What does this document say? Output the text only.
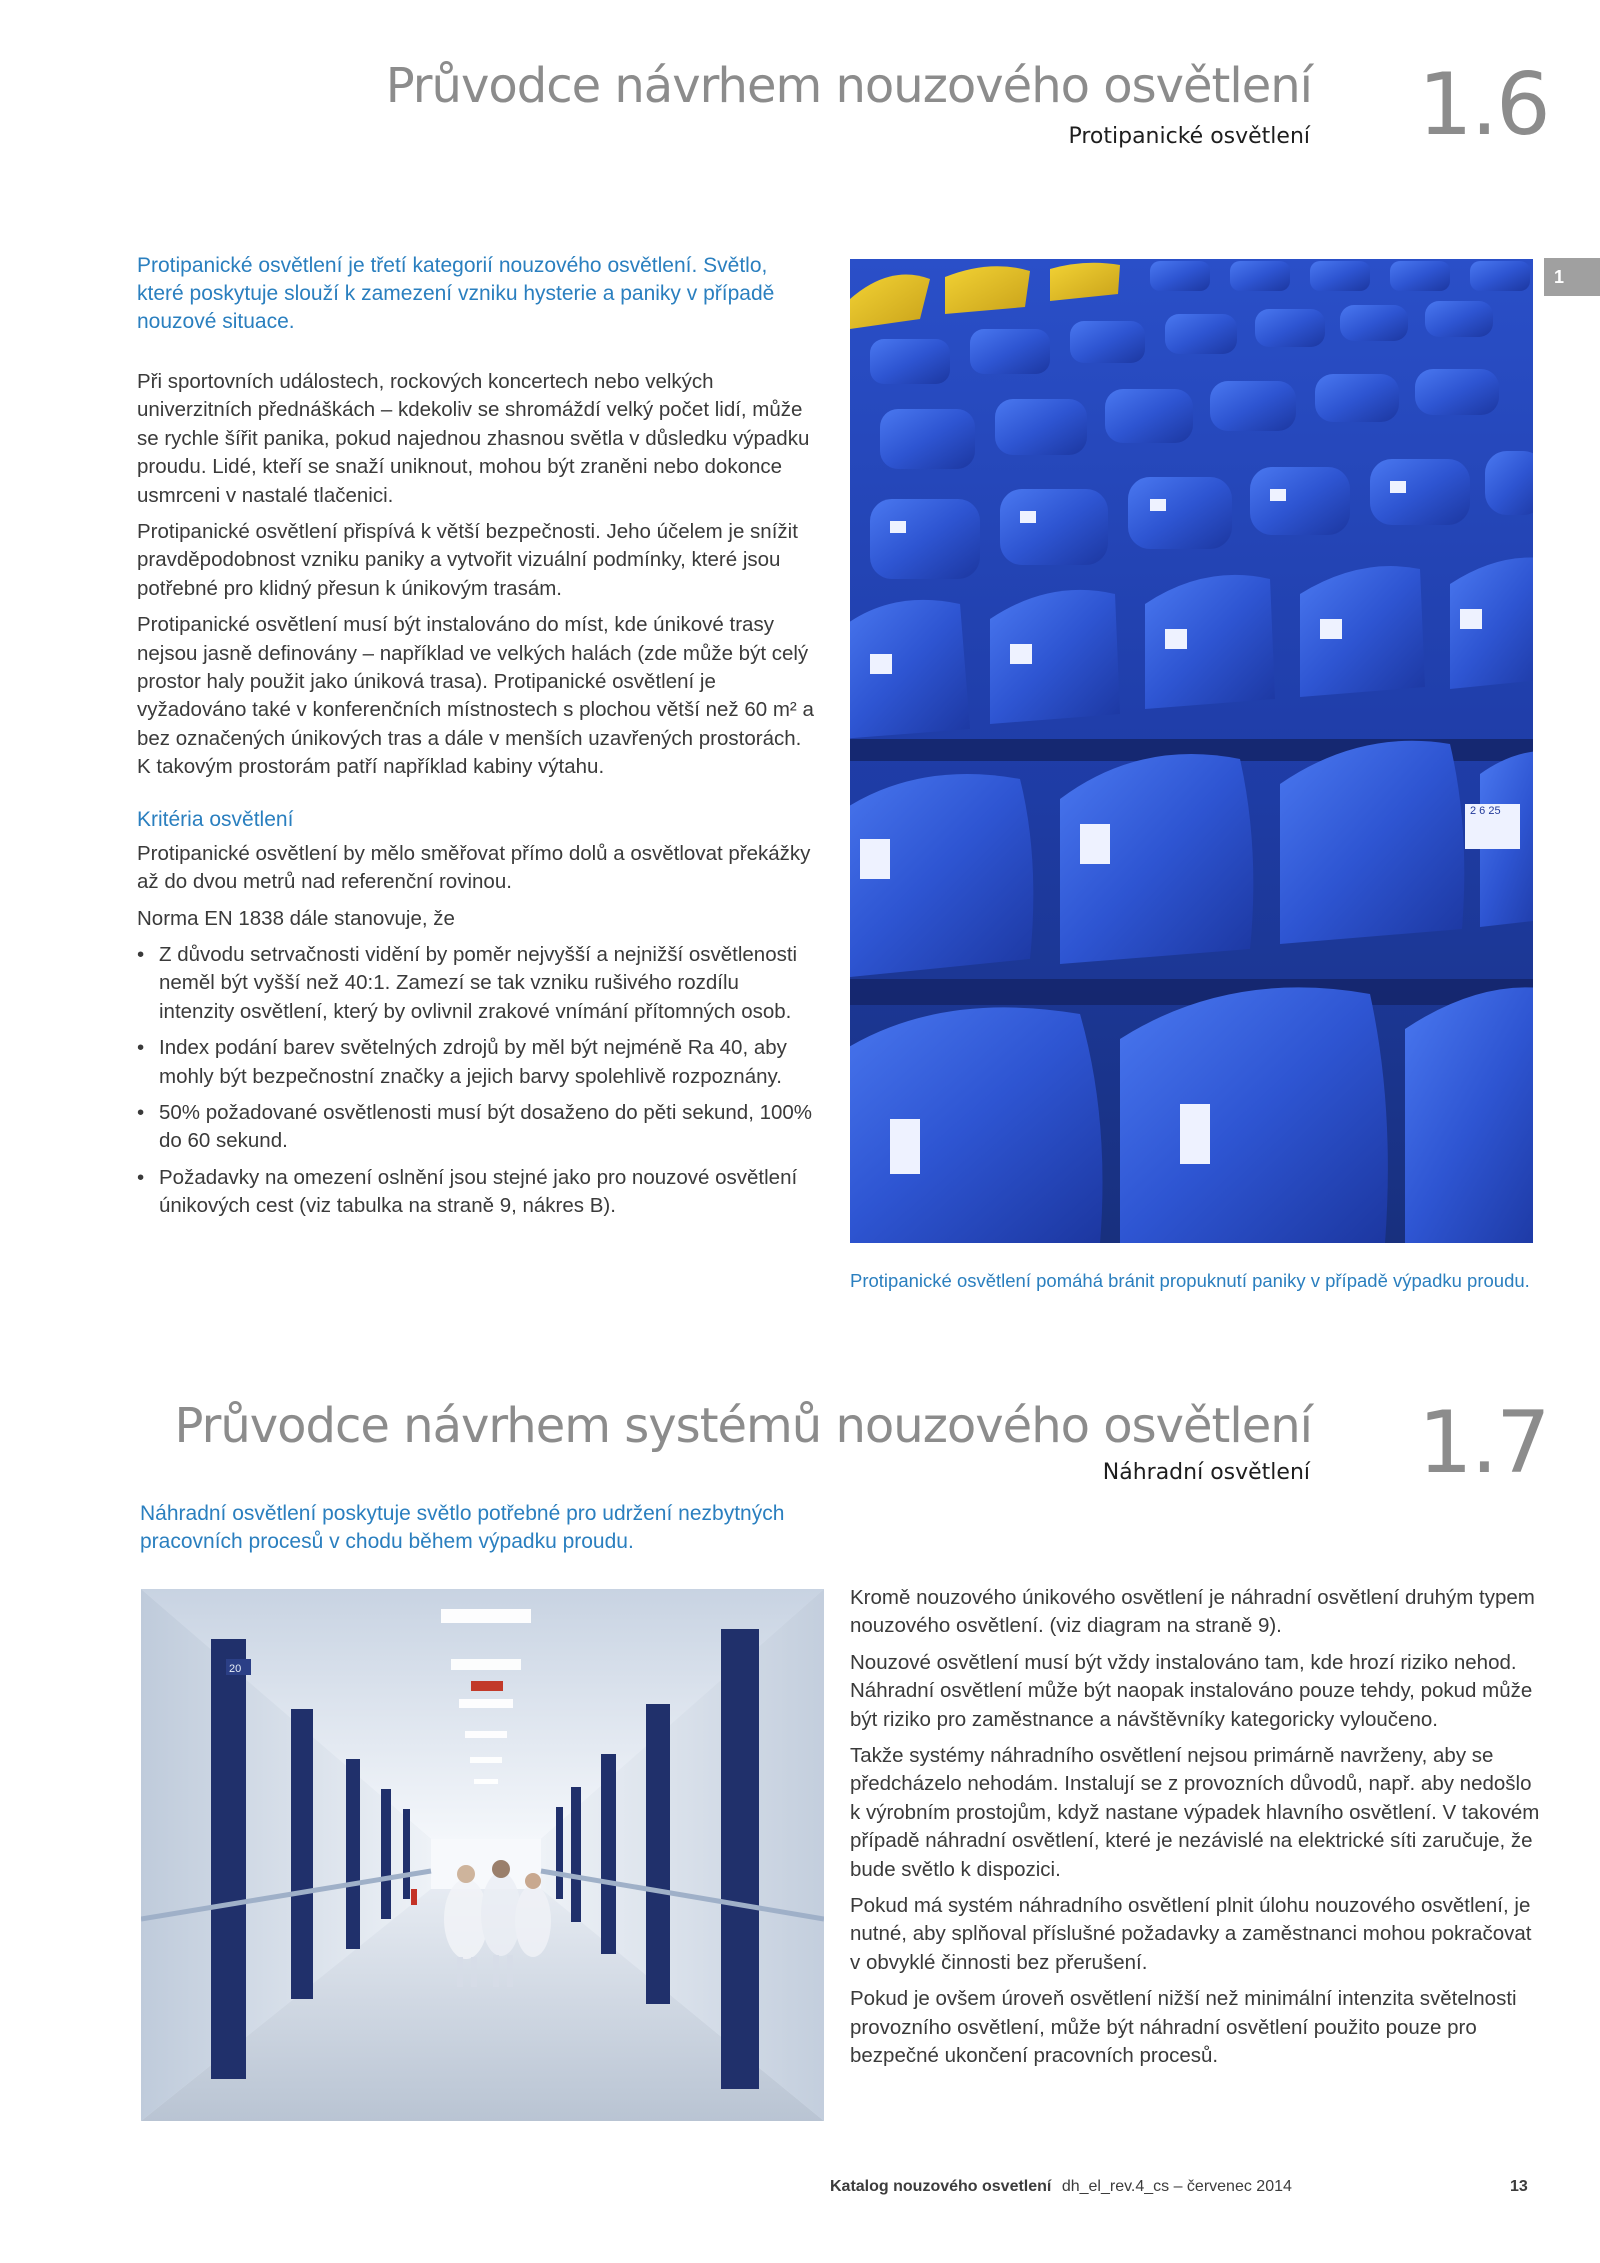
Průvodce návrhem nouzového osvětlení
Protipanické osvětlení 1.6
1

Protipanické osvětlení je třetí kategorií nouzového osvětlení. Světlo, které poskytuje slouží k zamezení vzniku hysterie a paniky v případě nouzové situace.

Při sportovních událostech, rockových koncertech nebo velkých univerzitních přednáškách – kdekoliv se shromáždí velký počet lidí, může se rychle šířit panika, pokud najednou zhasnou světla v důsledku výpadku proudu. Lidé, kteří se snaží uniknout, mohou být zraněni nebo dokonce usmrceni v nastalé tlačenici.

Protipanické osvětlení přispívá k větší bezpečnosti. Jeho účelem je snížit pravděpodobnost vzniku paniky a vytvořit vizuální podmínky, které jsou potřebné pro klidný přesun k únikovým trasám.

Protipanické osvětlení musí být instalováno do míst, kde únikové trasy nejsou jasně definovány – například ve velkých halách (zde může být celý prostor haly použit jako úniková trasa). Protipanické osvětlení je vyžadováno také v konferenčních místnostech s plochou větší než 60 m² a bez označených únikových tras a dále v menších uzavřených prostorách. K takovým prostorám patří například kabiny výtahu.

Kritéria osvětlení

Protipanické osvětlení by mělo směřovat přímo dolů a osvětlovat překážky až do dvou metrů nad referenční rovinou.

Norma EN 1838 dále stanovuje, že

• Z důvodu setrvačnosti vidění by poměr nejvyšší a nejnižší osvětlenosti neměl být vyšší než 40:1. Zamezí se tak vzniku rušivého rozdílu intenzity osvětlení, který by ovlivnil zrakové vnímání přítomných osob.
• Index podání barev světelných zdrojů by měl být nejméně Ra 40, aby mohly být bezpečnostní značky a jejich barvy spolehlivě rozpoznány.
• 50% požadované osvětlenosti musí být dosaženo do pěti sekund, 100% do 60 sekund.
• Požadavky na omezení oslnění jsou stejné jako pro nouzové osvětlení únikových cest (viz tabulka na straně 9, nákres B).
2 6 25

Protipanické osvětlení pomáhá bránit propuknutí paniky v případě výpadku proudu.

Průvodce návrhem systémů nouzového osvětlení
Náhradní osvětlení 1.7

Náhradní osvětlení poskytuje světlo potřebné pro udržení nezbytných pracovních procesů v chodu během výpadku proudu.

20

Kromě nouzového únikového osvětlení je náhradní osvětlení druhým typem nouzového osvětlení. (viz diagram na straně 9).

Nouzové osvětlení musí být vždy instalováno tam, kde hrozí riziko nehod. Náhradní osvětlení může být naopak instalováno pouze tehdy, pokud může být riziko pro zaměstnance a návštěvníky kategoricky vyloučeno.

Takže systémy náhradního osvětlení nejsou primárně navrženy, aby se předcházelo nehodám. Instalují se z provozních důvodů, např. aby nedošlo k výrobním prostojům, když nastane výpadek hlavního osvětlení. V takovém případě náhradní osvětlení, které je nezávislé na elektrické síti zaručuje, že bude světlo k dispozici.

Pokud má systém náhradního osvětlení plnit úlohu nouzového osvětlení, je nutné, aby splňoval příslušné požadavky a zaměstnanci mohou pokračovat v obvyklé činnosti bez přerušení.

Pokud je ovšem úroveň osvětlení nižší než minimální intenzita světelnosti provozního osvětlení, může být náhradní osvětlení použito pouze pro bezpečné ukončení pracovních procesů.

Katalog nouzového osvetlení dh_el_rev.4_cs – červenec 2014	13
